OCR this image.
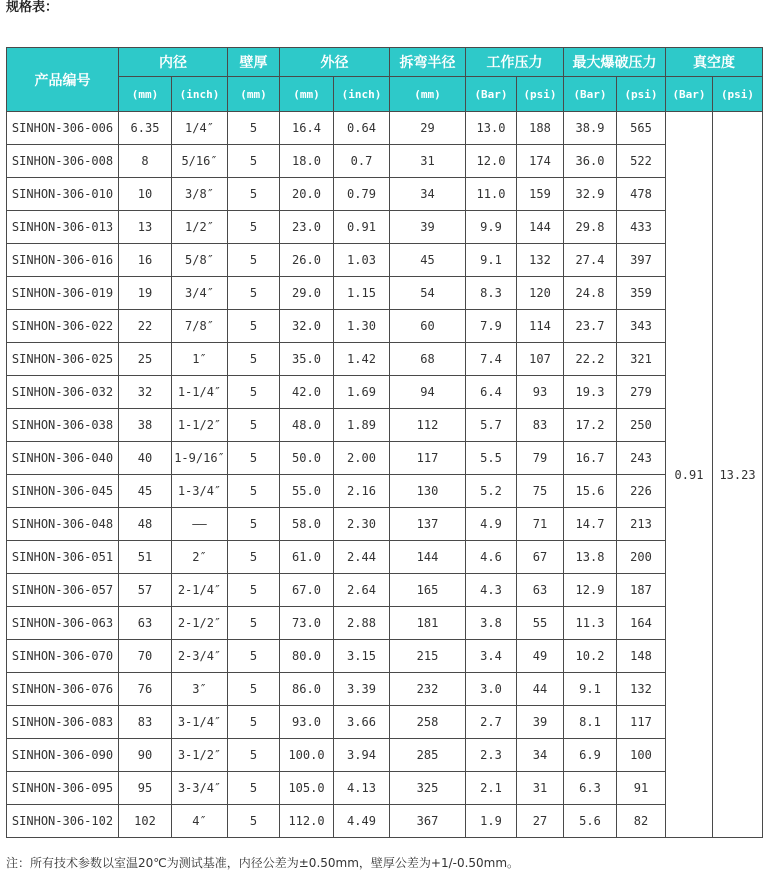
规格表：
产品编号	内径		壁厚	外径		拆弯半径	工作压力		最大爆破压力		真空度	
	(mm)	(inch)	(mm)	(mm)	(inch)	(mm)	(Bar)	(psi)	(Bar)	(psi)	(Bar)	(psi)
SINHON-306-006	6.35	1/4″	5	16.4	0.64	29	13.0	188	38.9	565	0.91	13.23
SINHON-306-008	8	5/16″	5	18.0	0.7	31	12.0	174	36.0	522		
SINHON-306-010	10	3/8″	5	20.0	0.79	34	11.0	159	32.9	478		
SINHON-306-013	13	1/2″	5	23.0	0.91	39	9.9	144	29.8	433		
SINHON-306-016	16	5/8″	5	26.0	1.03	45	9.1	132	27.4	397		
SINHON-306-019	19	3/4″	5	29.0	1.15	54	8.3	120	24.8	359		
SINHON-306-022	22	7/8″	5	32.0	1.30	60	7.9	114	23.7	343		
SINHON-306-025	25	1″	5	35.0	1.42	68	7.4	107	22.2	321		
SINHON-306-032	32	1-1/4″	5	42.0	1.69	94	6.4	93	19.3	279		
SINHON-306-038	38	1-1/2″	5	48.0	1.89	112	5.7	83	17.2	250		
SINHON-306-040	40	1-9/16″	5	50.0	2.00	117	5.5	79	16.7	243		
SINHON-306-045	45	1-3/4″	5	55.0	2.16	130	5.2	75	15.6	226		
SINHON-306-048	48	——	5	58.0	2.30	137	4.9	71	14.7	213		
SINHON-306-051	51	2″	5	61.0	2.44	144	4.6	67	13.8	200		
SINHON-306-057	57	2-1/4″	5	67.0	2.64	165	4.3	63	12.9	187		
SINHON-306-063	63	2-1/2″	5	73.0	2.88	181	3.8	55	11.3	164		
SINHON-306-070	70	2-3/4″	5	80.0	3.15	215	3.4	49	10.2	148		
SINHON-306-076	76	3″	5	86.0	3.39	232	3.0	44	9.1	132		
SINHON-306-083	83	3-1/4″	5	93.0	3.66	258	2.7	39	8.1	117		
SINHON-306-090	90	3-1/2″	5	100.0	3.94	285	2.3	34	6.9	100		
SINHON-306-095	95	3-3/4″	5	105.0	4.13	325	2.1	31	6.3	91		
SINHON-306-102	102	4″	5	112.0	4.49	367	1.9	27	5.6	82		
注：所有技术参数以室温20℃为测试基准，内径公差为±0.50mm，壁厚公差为+1/-0.50mm。
